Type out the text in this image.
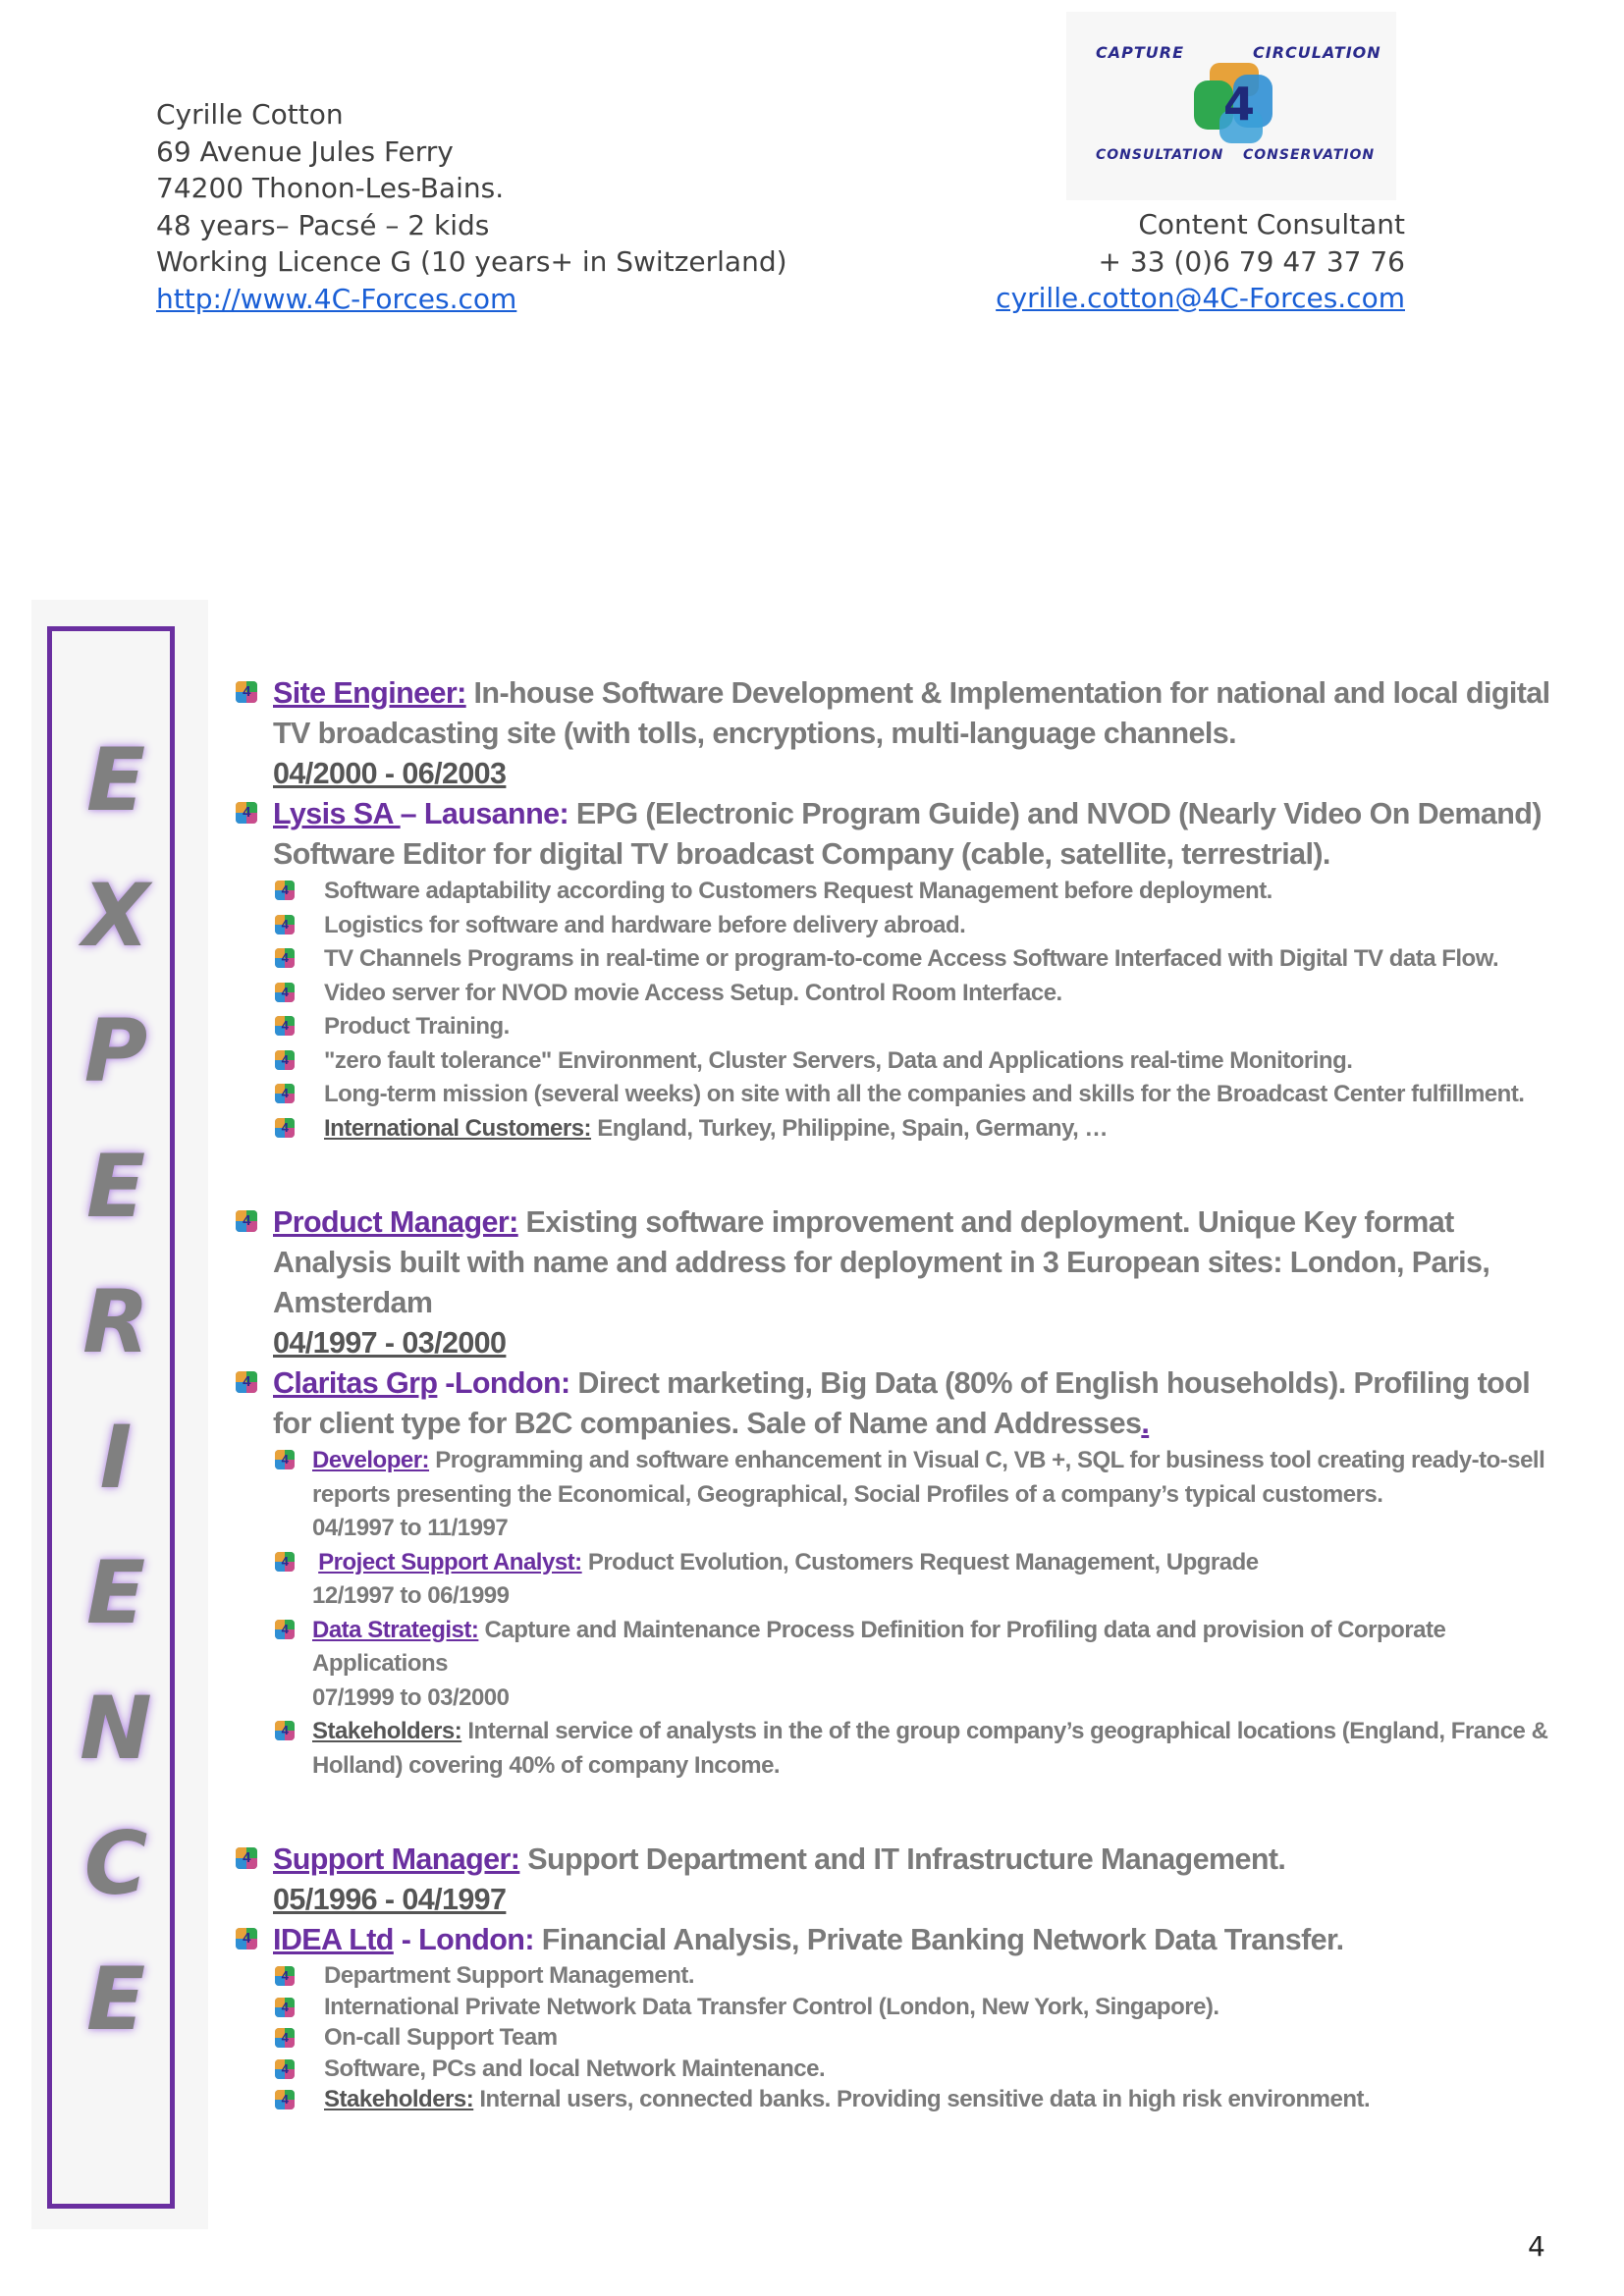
Cyrille Cotton
69 Avenue Jules Ferry
74200 Thonon-Les-Bains.
48 years– Pacsé – 2 kids
Working Licence G (10 years+ in Switzerland)
http://www.4C-Forces.com
Content Consultant
+ 33 (0)6 79 47 37 76
cyrille.cotton@4C-Forces.com
CAPTURE	CIRCULATION
CONSULTATION CONSERVATION
4
E
X
P
E
R
I
E
N
C
E
4 Site Engineer: In-house Software Development & Implementation for national and local digital TV broadcasting site (with tolls, encryptions, multi-language channels.
04/2000 - 06/2003
4 Lysis SA – Lausanne: EPG (Electronic Program Guide) and NVOD (Nearly Video On Demand) Software Editor for digital TV broadcast Company (cable, satellite, terrestrial).
4 Software adaptability according to Customers Request Management before deployment.
4 Logistics for software and hardware before delivery abroad.
4 TV Channels Programs in real-time or program-to-come Access Software Interfaced with Digital TV data Flow.
4 Video server for NVOD movie Access Setup. Control Room Interface.
4 Product Training.
4 "zero fault tolerance" Environment, Cluster Servers, Data and Applications real-time Monitoring.
4 Long-term mission (several weeks) on site with all the companies and skills for the Broadcast Center fulfillment.
4 International Customers: England, Turkey, Philippine, Spain, Germany, …
4 Product Manager: Existing software improvement and deployment. Unique Key format Analysis built with name and address for deployment in 3 European sites: London, Paris, Amsterdam
04/1997 - 03/2000
4 Claritas Grp -London: Direct marketing, Big Data (80% of English households). Profiling tool for client type for B2C companies. Sale of Name and Addresses.
4 Developer: Programming and software enhancement in Visual C, VB +, SQL for business tool creating ready-to-sell reports presenting the Economical, Geographical, Social Profiles of a company’s typical customers.
04/1997 to 11/1997
4 Project Support Analyst: Product Evolution, Customers Request Management, Upgrade
12/1997 to 06/1999
4 Data Strategist: Capture and Maintenance Process Definition for Profiling data and provision of Corporate Applications
07/1999 to 03/2000
4 Stakeholders: Internal service of analysts in the of the group company’s geographical locations (England, France & Holland) covering 40% of company Income.
4 Support Manager: Support Department and IT Infrastructure Management.
05/1996 - 04/1997
4 IDEA Ltd - London: Financial Analysis, Private Banking Network Data Transfer.
4 Department Support Management.
4 International Private Network Data Transfer Control (London, New York, Singapore).
4 On-call Support Team
4 Software, PCs and local Network Maintenance.
4 Stakeholders: Internal users, connected banks. Providing sensitive data in high risk environment.
4
